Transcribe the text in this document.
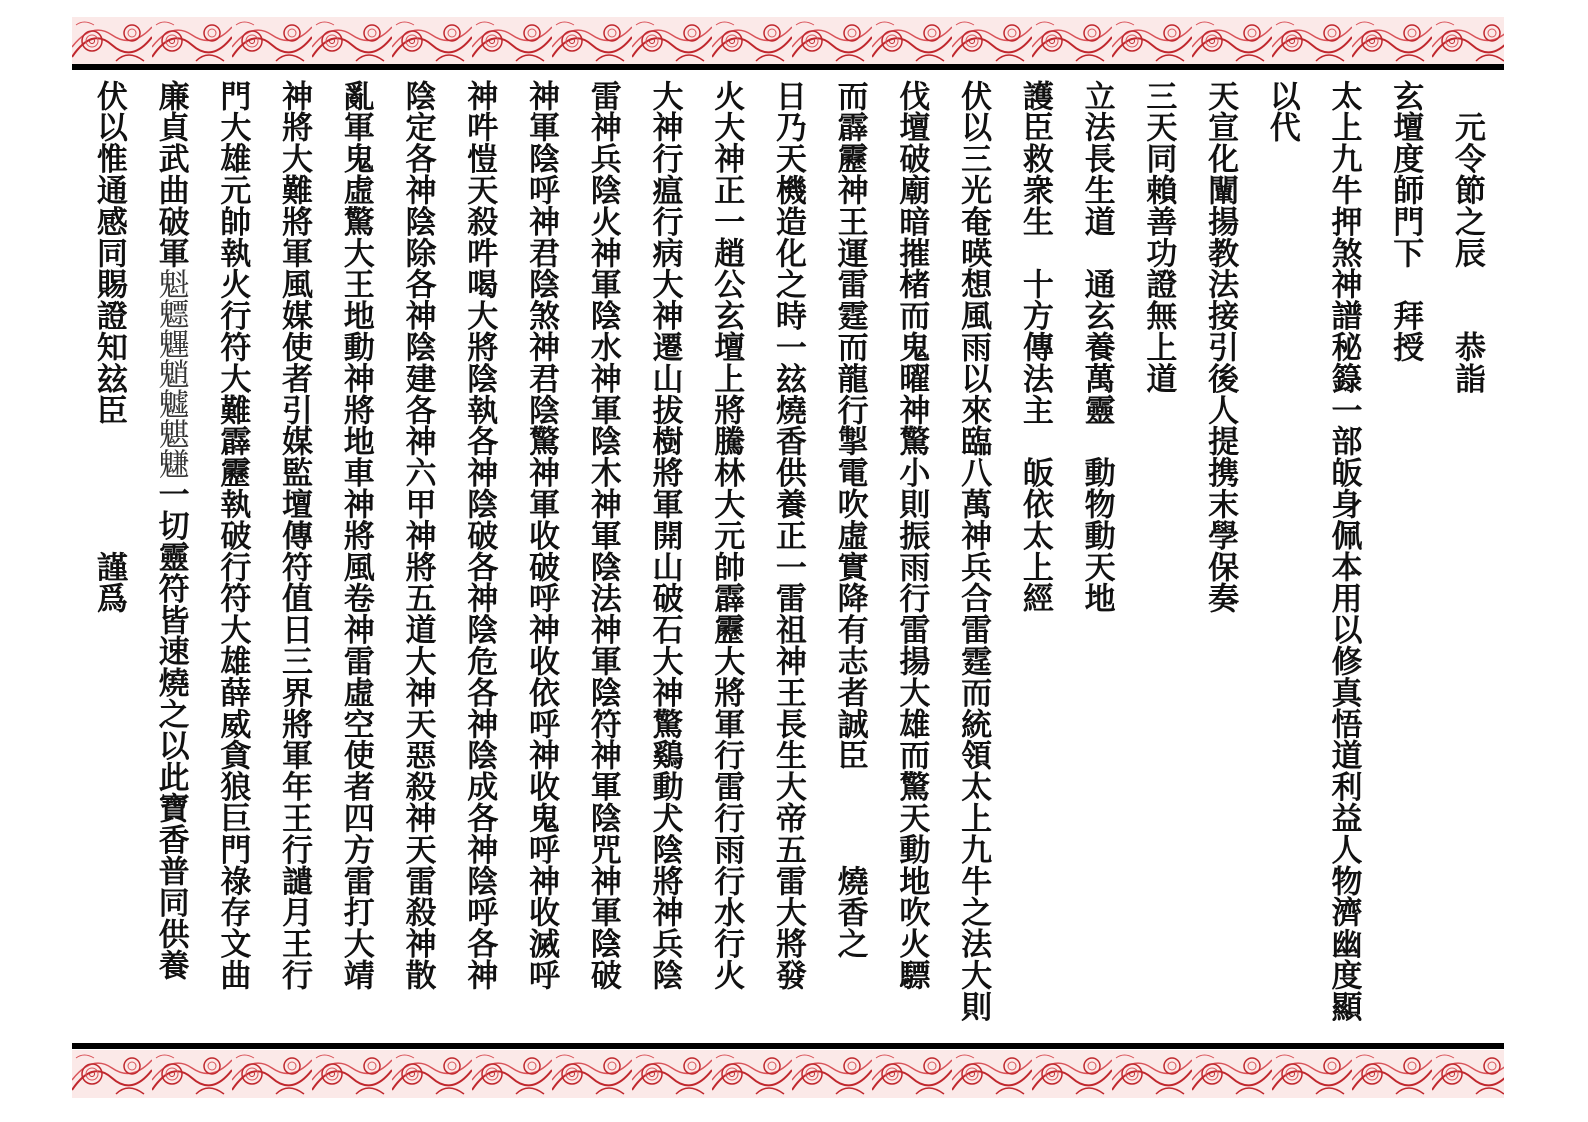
　元令節之辰　　恭詣
玄壇度師門下　拜授
太上九牛押煞神譜秘籙一部皈身佩本用以修真悟道利益人物濟幽度顯
以代
天宣化闡揚教法接引後人提携末學保奏
三天同賴善功證無上道
立法長生道　通玄養萬靈　動物動天地
護臣救衆生　十方傳法主　皈依太上經
伏以三光奄暎想風雨以來臨八萬神兵合雷霆而統領太上九牛之法大則
伐壇破廟暗摧楮而鬼曜神驚小則振雨行雷揚大雄而驚天動地吹火驃
而霹靂神王運雷霆而龍行掣電吹虛實降有志者誠臣　　　燒香之
日乃天機造化之時一玆燒香供養正一雷祖神王長生大帝五雷大將發
火大神正一趙公玄壇上將騰林大元帥霹靂大將軍行雷行雨行水行火
大神行瘟行病大神遷山拔樹將軍開山破石大神驚鷄動犬陰將神兵陰
雷神兵陰火神軍陰水神軍陰木神軍陰法神軍陰符神軍陰咒神軍陰破
神軍陰呼神君陰煞神君陰驚神軍收破呼神收依呼神收鬼呼神收滅呼
神吽愷天殺吽喝大將陰執各神陰破各神陰危各神陰成各神陰呼各神
陰定各神陰除各神陰建各神六甲神將五道大神天惡殺神天雷殺神散
亂軍鬼虛驚大王地動神將地車神將風卷神雷虛空使者四方雷打大靖
神將大難將軍風媒使者引媒監壇傳符值日三界將軍年王行譴月王行
門大雄元帥執火行符大難霹靂執破行符大雄薛威貪狼巨門祿存文曲
廉貞武曲破軍魁魒魓魈魖魌魐一切靈符皆速燒之以此寶香普同供養
伏以惟通感同賜證知玆臣　　　　謹爲
